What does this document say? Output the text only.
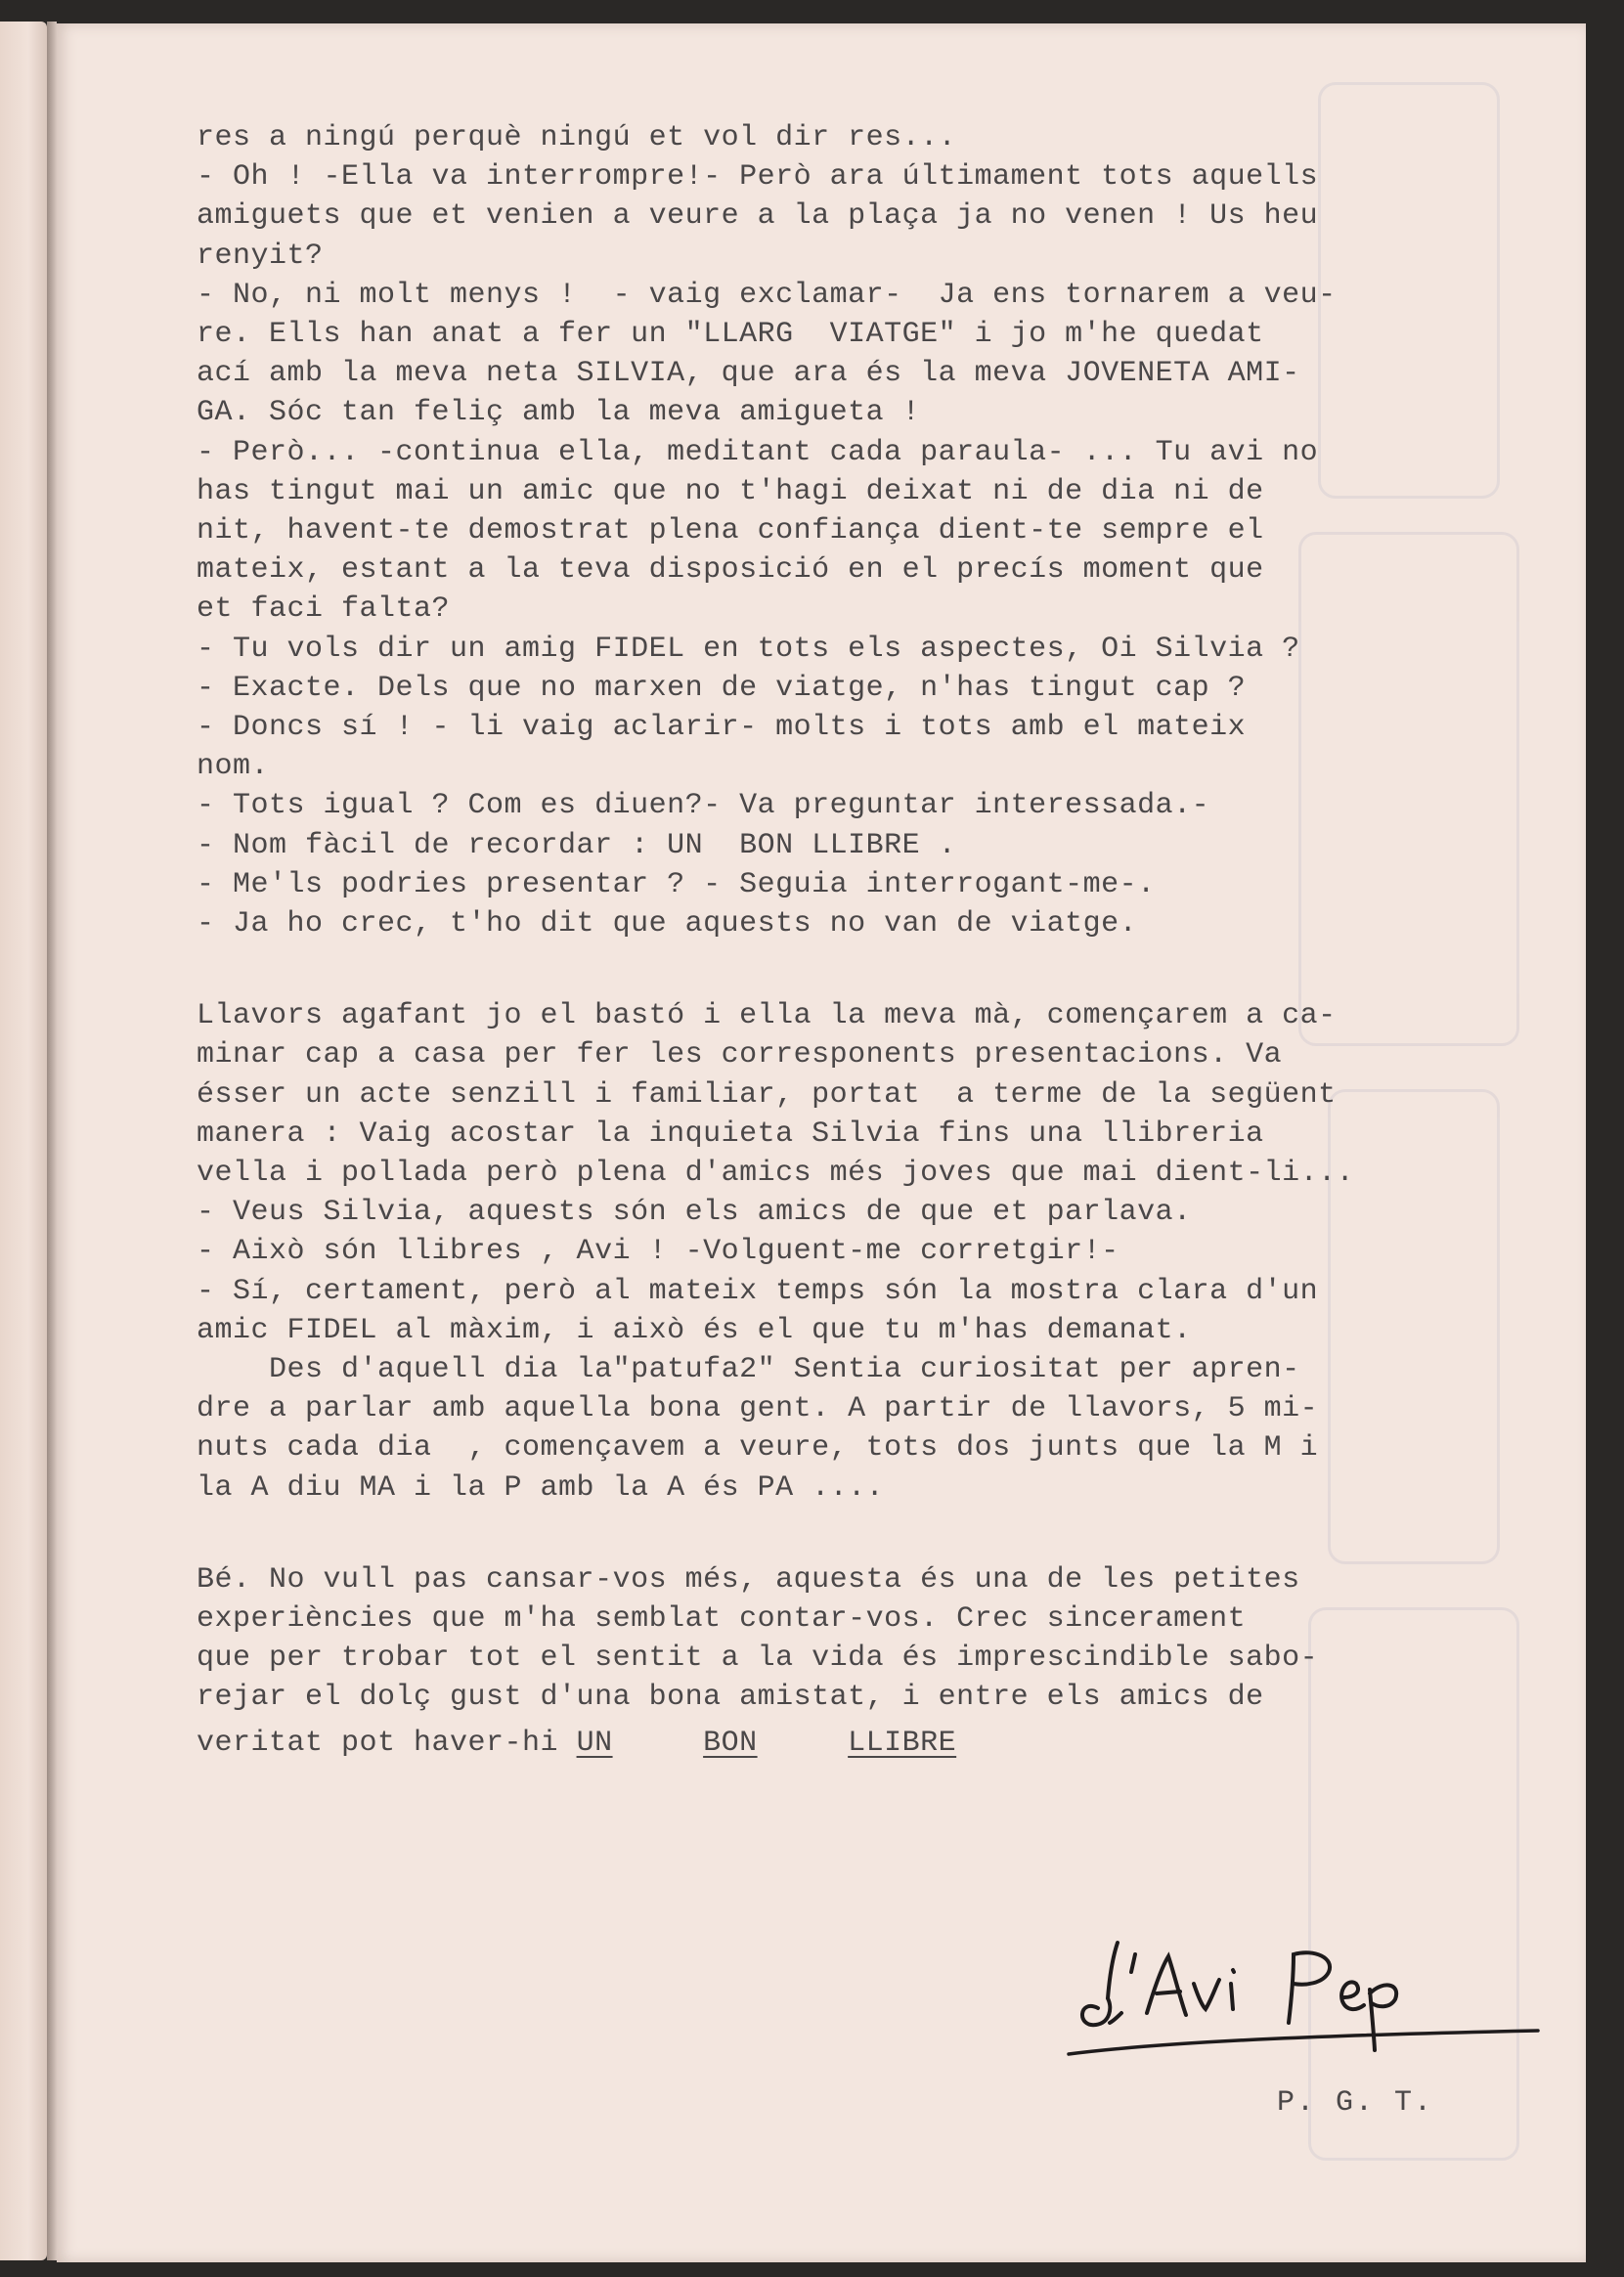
res a ningú perquè ningú et vol dir res...
- Oh ! -Ella va interrompre!- Però ara últimament tots aquells
amiguets que et venien a veure a la plaça ja no venen ! Us heu
renyit?
- No, ni molt menys !  - vaig exclamar-  Ja ens tornarem a veu-
re. Ells han anat a fer un "LLARG  VIATGE" i jo m'he quedat
ací amb la meva neta SILVIA, que ara és la meva JOVENETA AMI-
GA. Sóc tan feliç amb la meva amigueta !
- Però... -continua ella, meditant cada paraula- ... Tu avi no
has tingut mai un amic que no t'hagi deixat ni de dia ni de
nit, havent-te demostrat plena confiança dient-te sempre el
mateix, estant a la teva disposició en el precís moment que
et faci falta?
- Tu vols dir un amig FIDEL en tots els aspectes, Oi Silvia ?
- Exacte. Dels que no marxen de viatge, n'has tingut cap ?
- Doncs sí ! - li vaig aclarir- molts i tots amb el mateix
nom.
- Tots igual ? Com es diuen?- Va preguntar interessada.-
- Nom fàcil de recordar : UN  BON LLIBRE .
- Me'ls podries presentar ? - Seguia interrogant-me-.
- Ja ho crec, t'ho dit que aquests no van de viatge.
Llavors agafant jo el bastó i ella la meva mà, començarem a ca-
minar cap a casa per fer les corresponents presentacions. Va
ésser un acte senzill i familiar, portat  a terme de la següent
manera : Vaig acostar la inquieta Silvia fins una llibreria
vella i pollada però plena d'amics més joves que mai dient-li...
- Veus Silvia, aquests són els amics de que et parlava.
- Això són llibres , Avi ! -Volguent-me corretgir!-
- Sí, certament, però al mateix temps són la mostra clara d'un
amic FIDEL al màxim, i això és el que tu m'has demanat.
Des d'aquell dia la"patufa2" Sentia curiositat per apren-
dre a parlar amb aquella bona gent. A partir de llavors, 5 mi-
nuts cada dia  , començavem a veure, tots dos junts que la M i
la A diu MA i la P amb la A és PA ....
Bé. No vull pas cansar-vos més, aquesta és una de les petites
experiències que m'ha semblat contar-vos. Crec sincerament
que per trobar tot el sentit a la vida és imprescindible sabo-
rejar el dolç gust d'una bona amistat, i entre els amics de
veritat pot haver-hi UN	BON	LLIBRE
P. G. T.
